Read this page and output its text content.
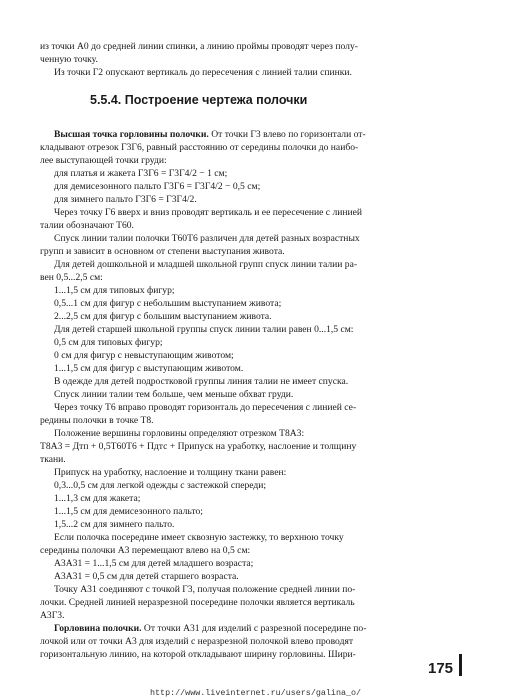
из точки А0 до средней линии спинки, а линию проймы проводят через полу-
ченную точку.
Из точки Г2 опускают вертикаль до пересечения с линией талии спинки.
5.5.4. Построение чертежа полочки
Высшая точка горловины полочки. От точки Г3 влево по горизонтали от-
кладывают отрезок Г3Г6, равный расстоянию от середины полочки до наибо-
лее выступающей точки груди:
для платья и жакета Г3Г6 = Г3Г4/2 − 1 см;
для демисезонного пальто Г3Г6 = Г3Г4/2 − 0,5 см;
для зимнего пальто Г3Г6 = Г3Г4/2.
Через точку Г6 вверх и вниз проводят вертикаль и ее пересечение с линией
талии обозначают Т60.
Спуск линии талии полочки Т60Т6 различен для детей разных возрастных
групп и зависит в основном от степени выступания живота.
Для детей дошкольной и младшей школьной групп спуск линии талии ра-
вен 0,5...2,5 см:
1...1,5 см для типовых фигур;
0,5...1 см для фигур с небольшим выступанием живота;
2...2,5 см для фигур с большим выступанием живота.
Для детей старшей школьной группы спуск линии талии равен 0...1,5 см:
0,5 см для типовых фигур;
0 см для фигур с невыступающим животом;
1...1,5 см для фигур с выступающим животом.
В одежде для детей подростковой группы линия талии не имеет спуска.
Спуск линии талии тем больше, чем меньше обхват груди.
Через точку Т6 вправо проводят горизонталь до пересечения с линией се-
редины полочки в точке Т8.
Положение вершины горловины определяют отрезком Т8А3:
Т8А3 = Дтп + 0,5Т60Т6 + Пдтс + Припуск на уработку, наслоение и толщину
ткани.
Припуск на уработку, наслоение и толщину ткани равен:
0,3...0,5 см для легкой одежды с застежкой спереди;
1...1,3 см для жакета;
1...1,5 см для демисезонного пальто;
1,5...2 см для зимнего пальто.
Если полочка посередине имеет сквозную застежку, то верхнюю точку
середины полочки А3 перемещают влево на 0,5 см:
А3А31 = 1...1,5 см для детей младшего возраста;
А3А31 = 0,5 см для детей старшего возраста.
Точку А31 соединяют с точкой Г3, получая положение средней линии по-
лочки. Средней линией неразрезной посередине полочки является вертикаль
А3Г3.
Горловина полочки. От точки А31 для изделий с разрезной посередине по-
лочкой или от точки А3 для изделий с неразрезной полочкой влево проводят
горизонтальную линию, на которой откладывают ширину горловины. Шири-
175
http://www.liveinternet.ru/users/galina_o/
